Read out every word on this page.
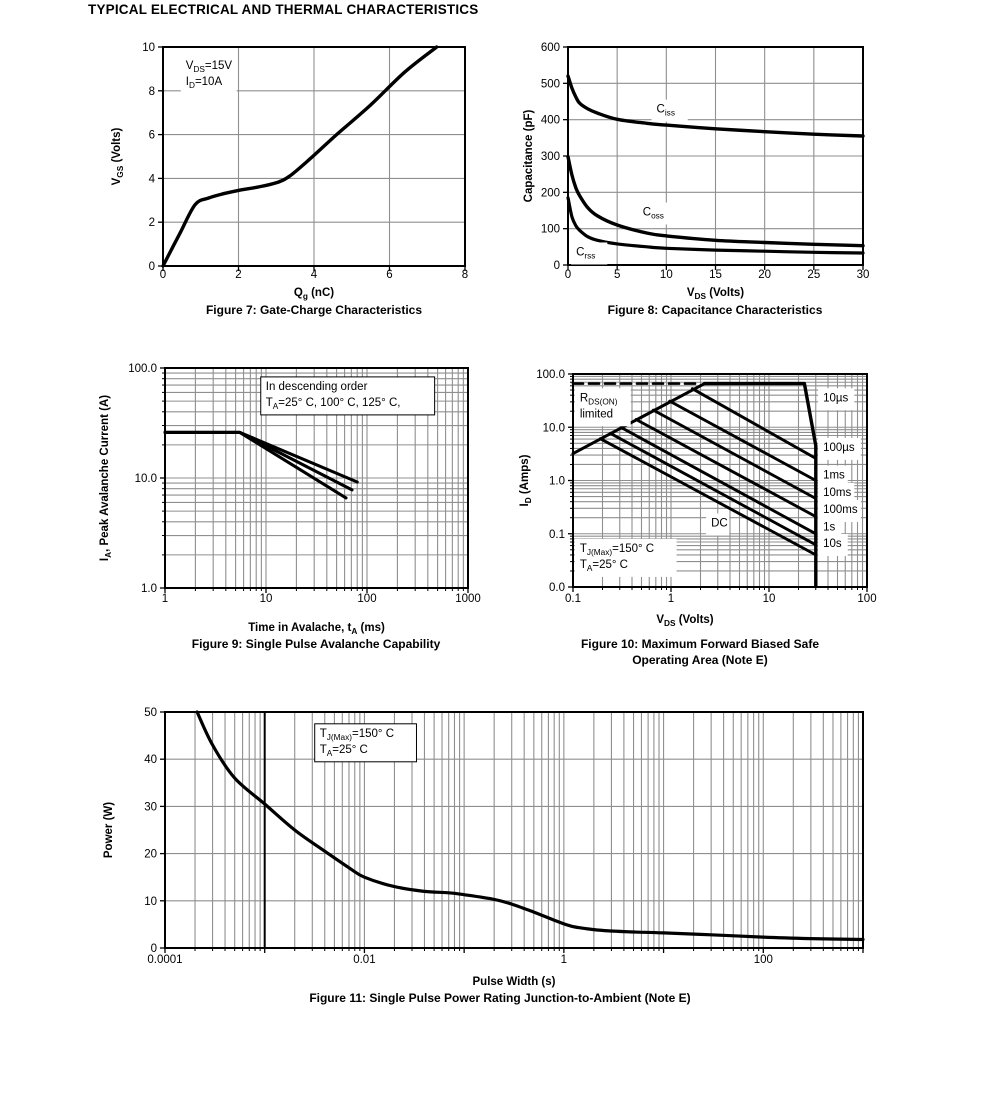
TYPICAL ELECTRICAL AND THERMAL CHARACTERISTICS
0	2	4	6	8
0
2
4
6
8
10
$V_{DS}=15V$
$I_D=10A$
$Q_g$ (nC)
$V_{GS}$ (Volts)
0	5	10	15	20	25	30
0
100
200
300
400
500
600
$C_{iss}$
$C_{oss}$
$C_{rss}$
$V_{DS}$ (Volts)
Capacitance (pF)
1	10	100	1000
1.0
10.0
100.0
In descending order
$T_A=25^\circ$ C, 100° C, 125° C,
Time in Avalache, $t_A$ (ms)
$I_A$, Peak Avalanche Current (A)
0.1	1	10	100
0.0
0.1
1.0
10.0
100.0
$R_{DS(ON)}$
limited
$T_{J(Max)}=150^\circ$ C
$T_A=25^\circ$ C
DC
10µs
100µs
1ms
10ms
100ms
1s
10s
$V_{DS}$ (Volts)
$I_D$ (Amps)
0.0001	0.01	1	100
0
10
20
30
40
50
$T_{J(Max)}=150^\circ$ C
$T_A=25^\circ$ C
Pulse Width (s)
Power (W)
Figure 7: Gate-Charge Characteristics	Figure 8: Capacitance Characteristics
Figure 9: Single Pulse Avalanche Capability	Figure 10: Maximum Forward Biased Safe
Operating Area (Note E)
Figure 11: Single Pulse Power Rating Junction-to-Ambient (Note E)
